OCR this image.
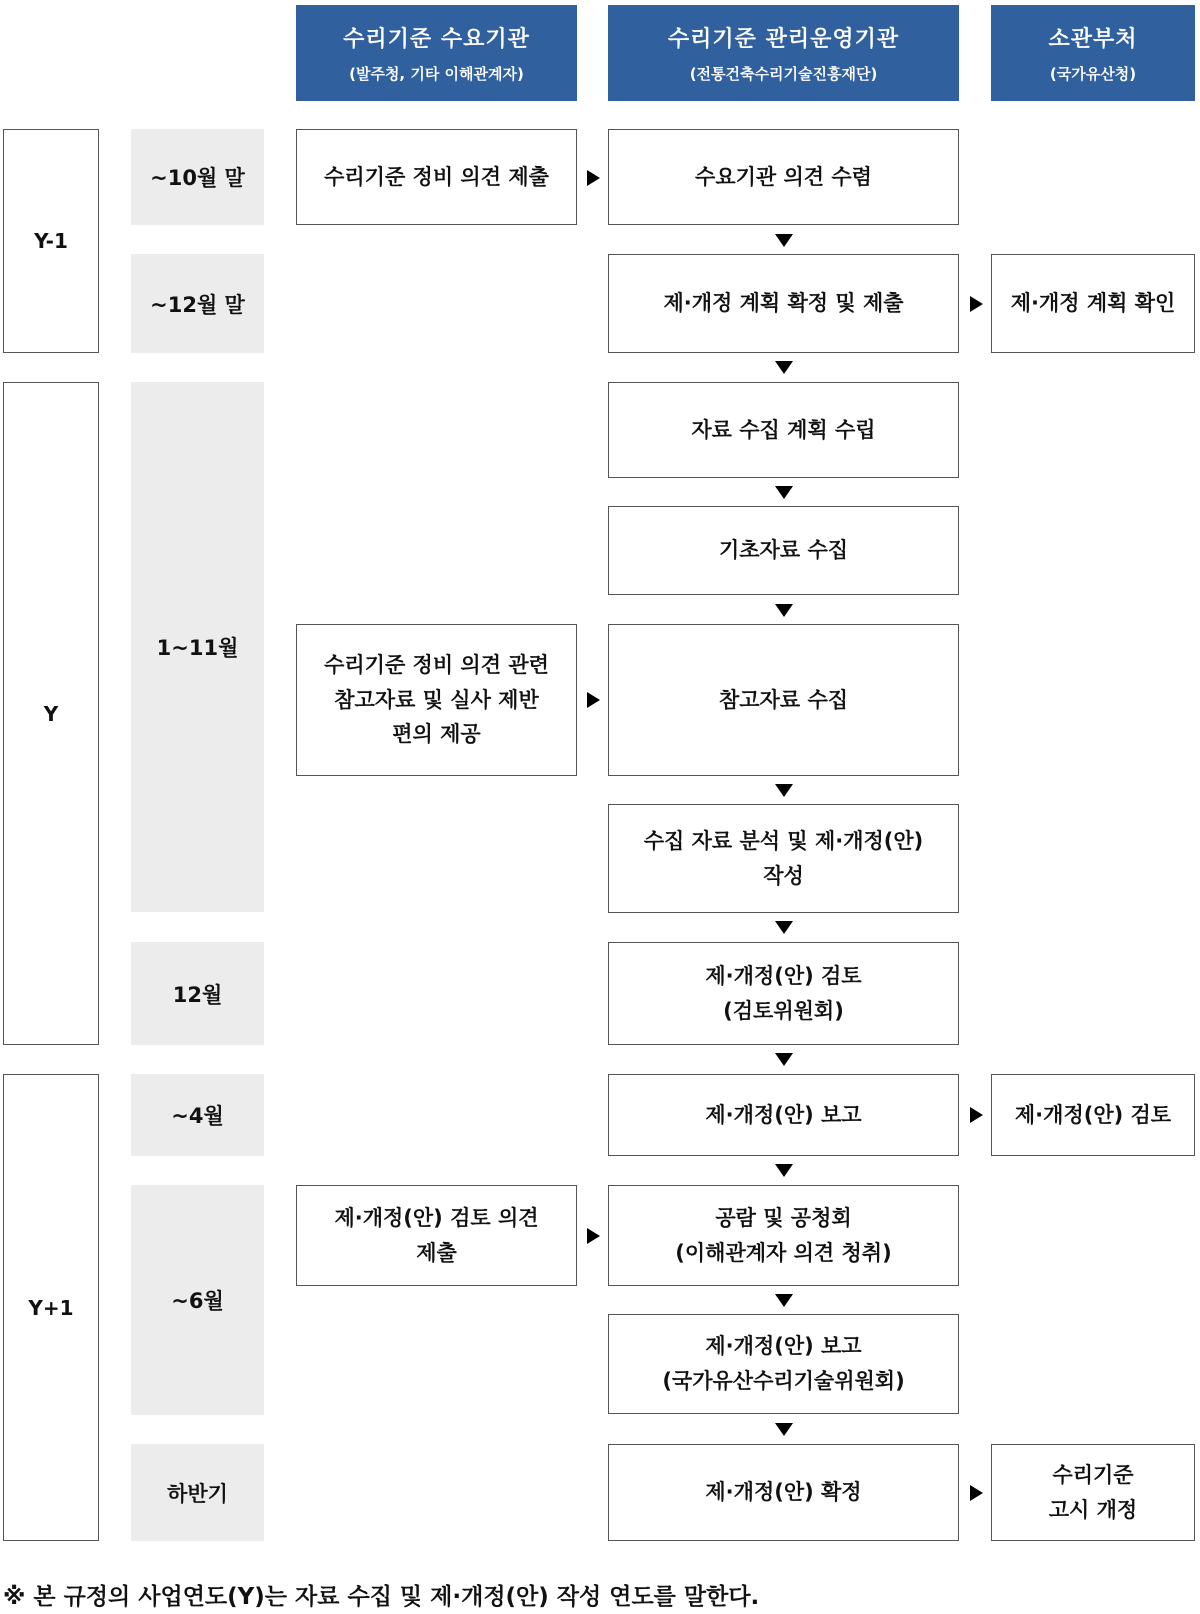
수리기준 수요기관
(발주청, 기타 이해관계자)
수리기준 관리운영기관
(전통건축수리기술진흥재단)
소관부처
(국가유산청)
Y-1
Y
Y+1
~10월 말
~12월 말
1~11월
12월
~4월
~6월
하반기
수리기준 정비 의견 제출
수리기준 정비 의견 관련
참고자료 및 실사 제반
편의 제공
제·개정(안) 검토 의견
제출
수요기관 의견 수렴
제·개정 계획 확정 및 제출
자료 수집 계획 수립
기초자료 수집
참고자료 수집
수집 자료 분석 및 제·개정(안)
작성
제·개정(안) 검토
(검토위원회)
제·개정(안) 보고
공람 및 공청회
(이해관계자 의견 청취)
제·개정(안) 보고
(국가유산수리기술위원회)
제·개정(안) 확정
제·개정 계획 확인
제·개정(안) 검토
수리기준
고시 개정
※ 본 규정의 사업연도(Y)는 자료 수집 및 제·개정(안) 작성 연도를 말한다.
